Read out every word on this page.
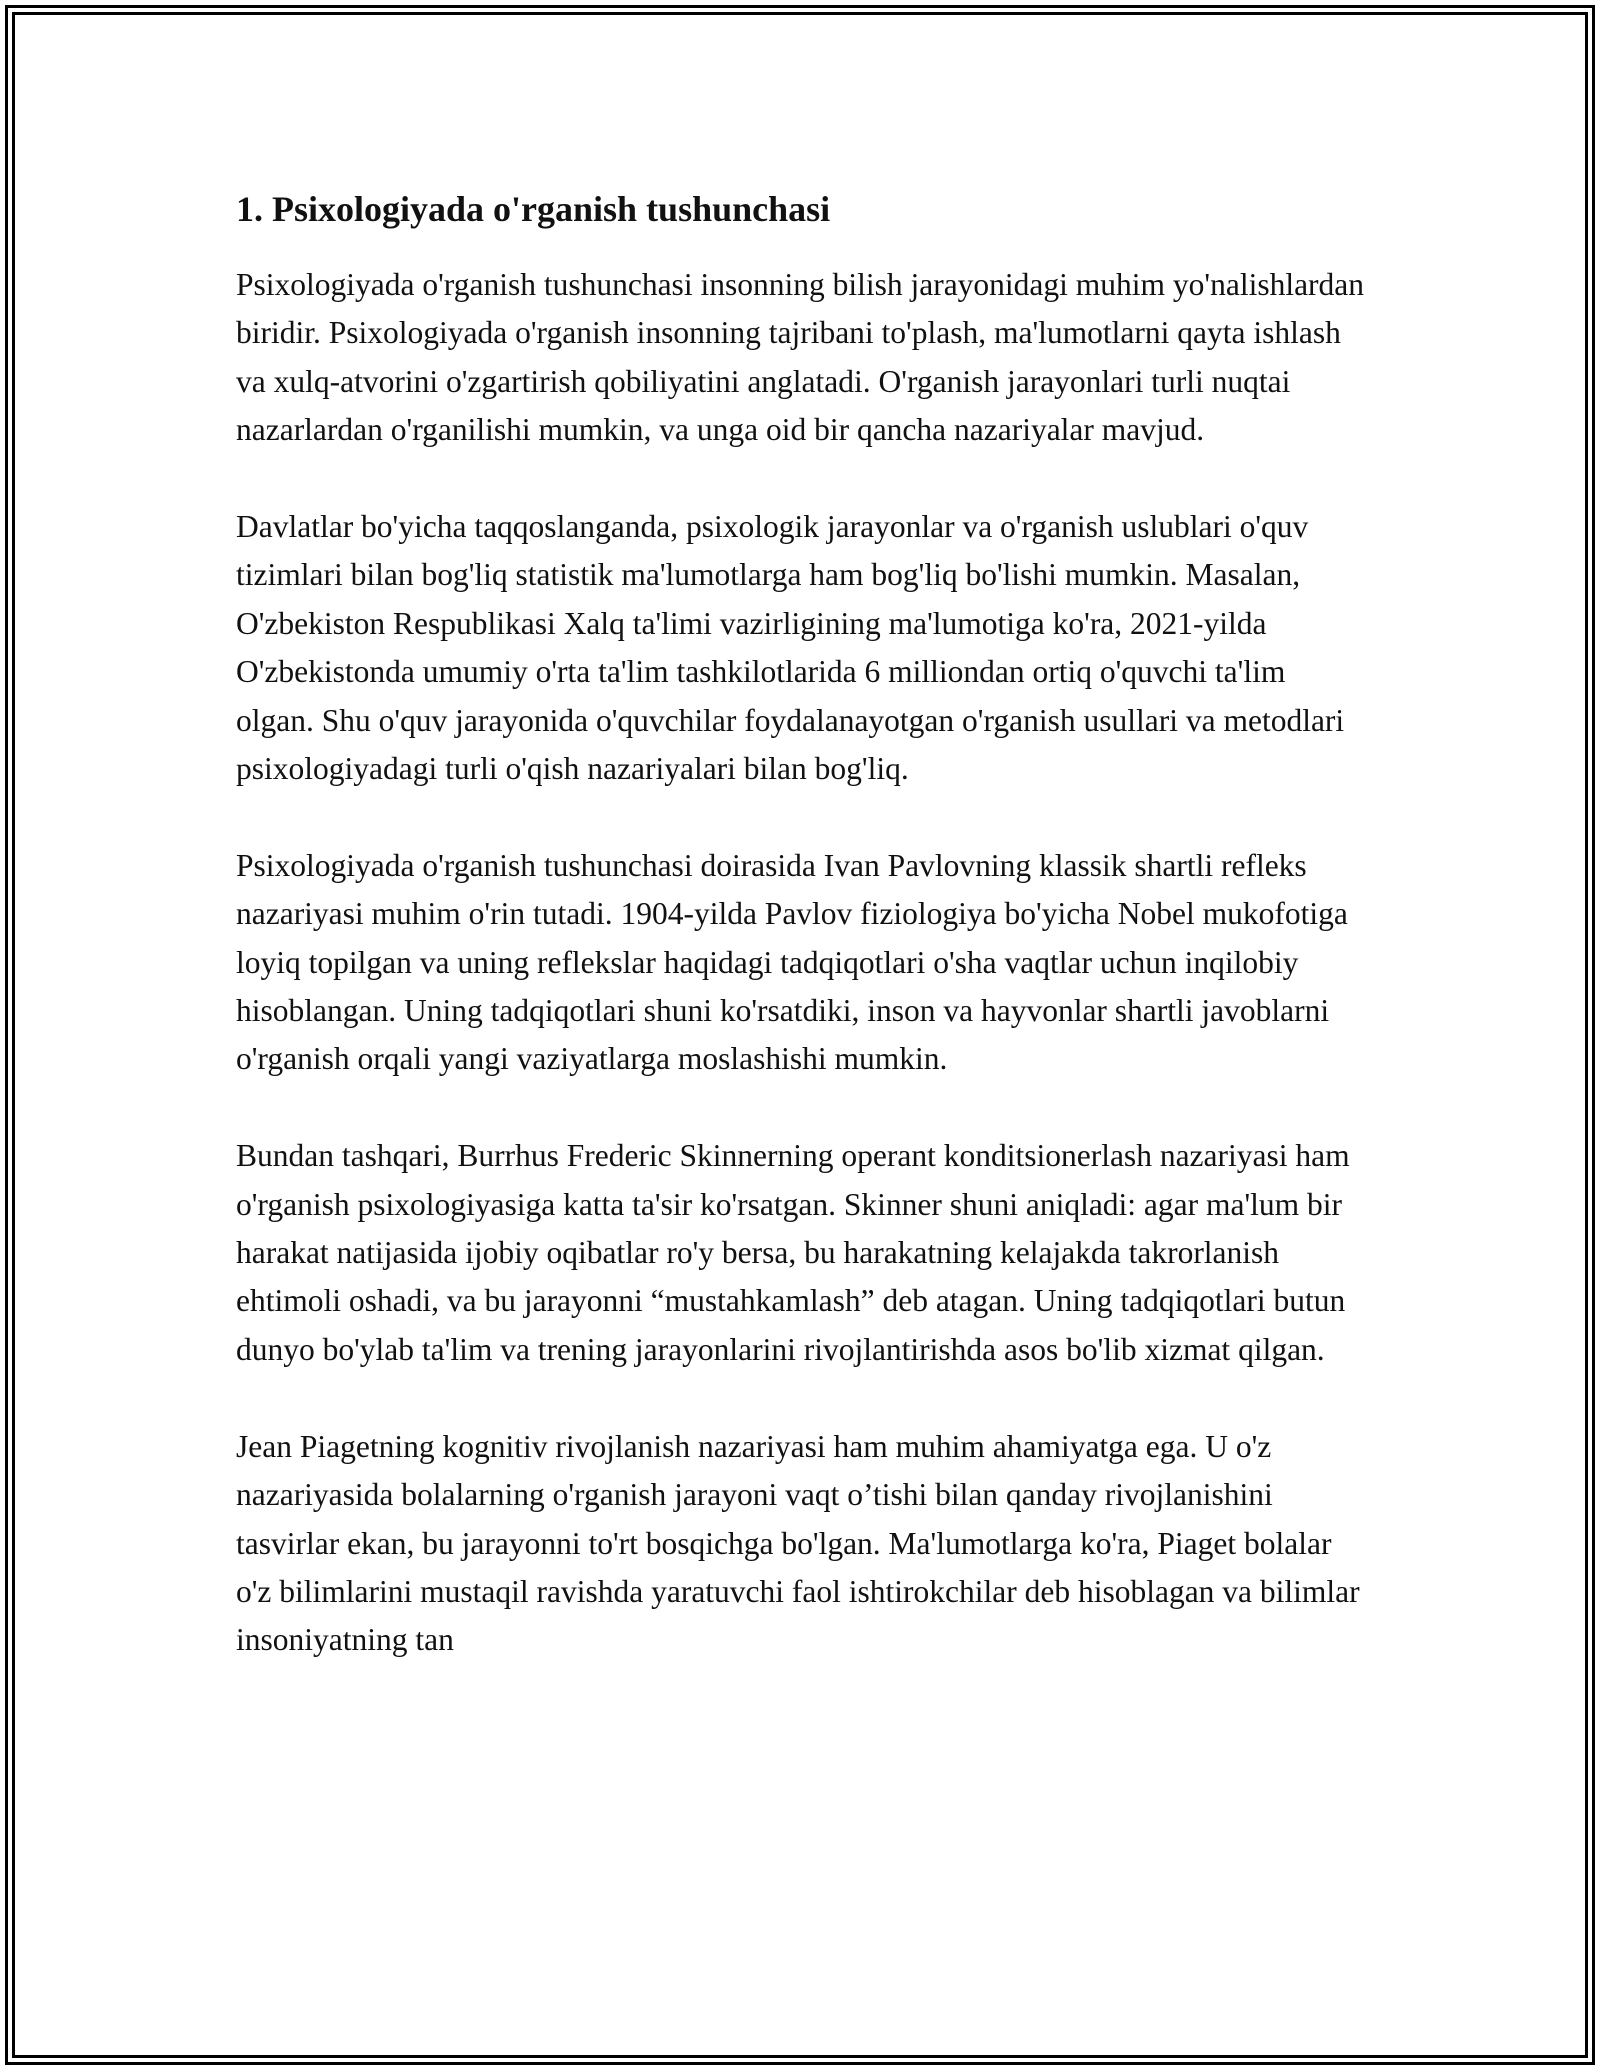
1. Psixologiyada o'rganish tushunchasi

Psixologiyada o'rganish tushunchasi insonning bilish jarayonidagi muhim yo'nalishlardan biridir. Psixologiyada o'rganish insonning tajribani to'plash, ma'lumotlarni qayta ishlash va xulq-atvorini o'zgartirish qobiliyatini anglatadi. O'rganish jarayonlari turli nuqtai nazarlardan o'rganilishi mumkin, va unga oid bir qancha nazariyalar mavjud.

Davlatlar bo'yicha taqqoslanganda, psixologik jarayonlar va o'rganish uslublari o'quv tizimlari bilan bog'liq statistik ma'lumotlarga ham bog'liq bo'lishi mumkin. Masalan, O'zbekiston Respublikasi Xalq ta'limi vazirligining ma'lumotiga ko'ra, 2021-yilda O'zbekistonda umumiy o'rta ta'lim tashkilotlarida 6 milliondan ortiq o'quvchi ta'lim olgan. Shu o'quv jarayonida o'quvchilar foydalanayotgan o'rganish usullari va metodlari psixologiyadagi turli o'qish nazariyalari bilan bog'liq.

Psixologiyada o'rganish tushunchasi doirasida Ivan Pavlovning klassik shartli refleks nazariyasi muhim o'rin tutadi. 1904-yilda Pavlov fiziologiya bo'yicha Nobel mukofotiga loyiq topilgan va uning reflekslar haqidagi tadqiqotlari o'sha vaqtlar uchun inqilobiy hisoblangan. Uning tadqiqotlari shuni ko'rsatdiki, inson va hayvonlar shartli javoblarni o'rganish orqali yangi vaziyatlarga moslashishi mumkin.

Bundan tashqari, Burrhus Frederic Skinnerning operant konditsionerlash nazariyasi ham o'rganish psixologiyasiga katta ta'sir ko'rsatgan. Skinner shuni aniqladi: agar ma'lum bir harakat natijasida ijobiy oqibatlar ro'y bersa, bu harakatning kelajakda takrorlanish ehtimoli oshadi, va bu jarayonni “mustahkamlash” deb atagan. Uning tadqiqotlari butun dunyo bo'ylab ta'lim va trening jarayonlarini rivojlantirishda asos bo'lib xizmat qilgan.

Jean Piagetning kognitiv rivojlanish nazariyasi ham muhim ahamiyatga ega. U o'z nazariyasida bolalarning o'rganish jarayoni vaqt o’tishi bilan qanday rivojlanishini tasvirlar ekan, bu jarayonni to'rt bosqichga bo'lgan. Ma'lumotlarga ko'ra, Piaget bolalar o'z bilimlarini mustaqil ravishda yaratuvchi faol ishtirokchilar deb hisoblagan va bilimlar insoniyatning tan
